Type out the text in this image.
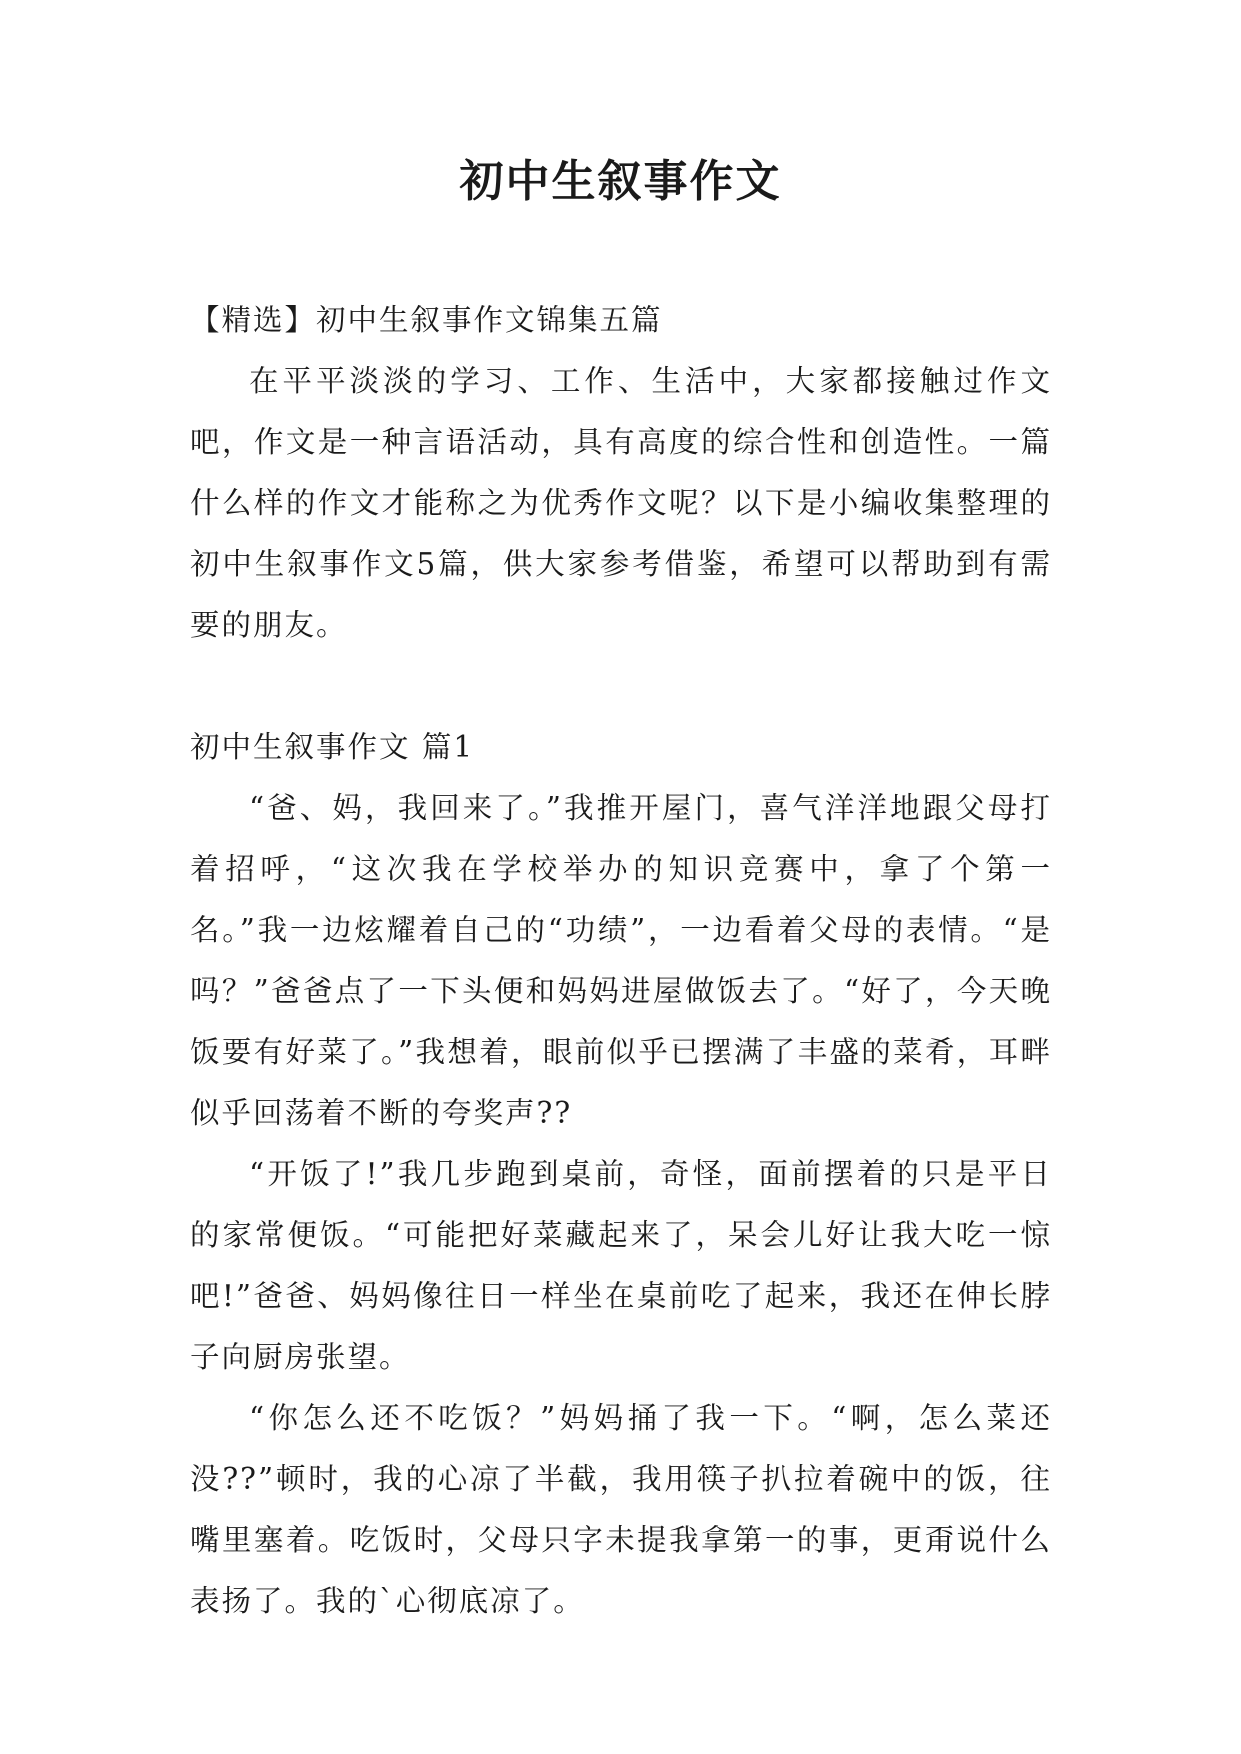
初中生叙事作文

【精选】初中生叙事作文锦集五篇

在平平淡淡的学习、工作、生活中，大家都接触过作文吧，作文是一种言语活动，具有高度的综合性和创造性。一篇什么样的作文才能称之为优秀作文呢？以下是小编收集整理的初中生叙事作文5篇，供大家参考借鉴，希望可以帮助到有需要的朋友。

初中生叙事作文 篇1

“爸、妈，我回来了。”我推开屋门，喜气洋洋地跟父母打着招呼，“这次我在学校举办的知识竞赛中，拿了个第一名。”我一边炫耀着自己的“功绩”，一边看着父母的表情。“是吗？”爸爸点了一下头便和妈妈进屋做饭去了。“好了，今天晚饭要有好菜了。”我想着，眼前似乎已摆满了丰盛的菜肴，耳畔似乎回荡着不断的夸奖声??

“开饭了!”我几步跑到桌前，奇怪，面前摆着的只是平日的家常便饭。“可能把好菜藏起来了，呆会儿好让我大吃一惊吧!”爸爸、妈妈像往日一样坐在桌前吃了起来，我还在伸长脖子向厨房张望。

“你怎么还不吃饭？”妈妈捅了我一下。“啊，怎么菜还没??”顿时，我的心凉了半截，我用筷子扒拉着碗中的饭，往嘴里塞着。吃饭时，父母只字未提我拿第一的事，更甭说什么表扬了。我的`心彻底凉了。
